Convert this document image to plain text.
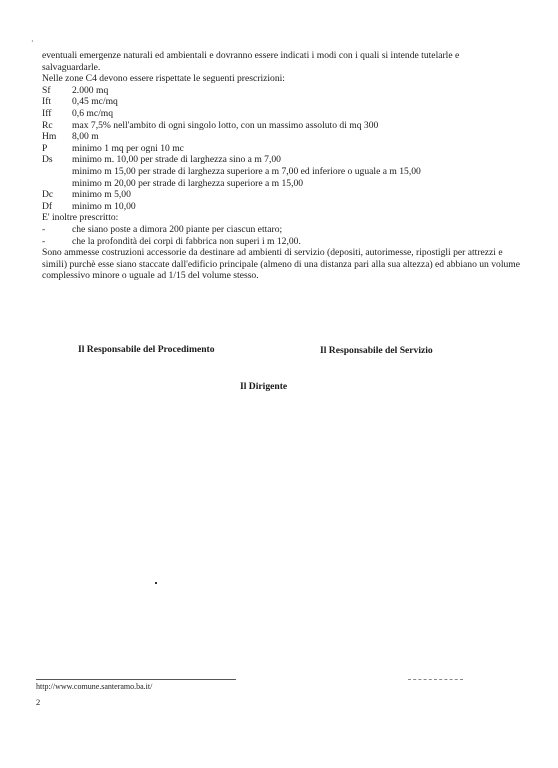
·
eventuali emergenze naturali ed ambientali e dovranno essere indicati i modi con i quali si intende tutelarle e
salvaguardarle.
Nelle zone C4 devono essere rispettate le seguenti prescrizioni:
Sf	2.000 mq
Ift	0,45 mc/mq
Iff	0,6 mc/mq
Rc	max 7,5% nell'ambito di ogni singolo lotto, con un massimo assoluto di mq 300
Hm	8,00 m
P	minimo 1 mq per ogni 10 mc
Ds	minimo m. 10,00 per strade di larghezza sino a m 7,00
minimo m 15,00 per strade di larghezza superiore a m 7,00 ed inferiore o uguale a m 15,00
minimo m 20,00 per strade di larghezza superiore a m 15,00
Dc	minimo m 5,00
Df	minimo m 10,00
E' inoltre prescritto:
-	che siano poste a dimora 200 piante per ciascun ettaro;
-	che la profondità dei corpi di fabbrica non superi i m 12,00.
Sono ammesse costruzioni accessorie da destinare ad ambienti di servizio (depositi, autorimesse, ripostigli per attrezzi e simili) purchè esse siano staccate dall'edificio principale (almeno di una distanza pari alla sua altezza) ed abbiano un volume complessivo minore o uguale ad 1/15 del volume stesso.
Il Responsabile del Procedimento	Il Responsabile del Servizio
Il Dirigente
http://www.comune.santeramo.ba.it/
2
